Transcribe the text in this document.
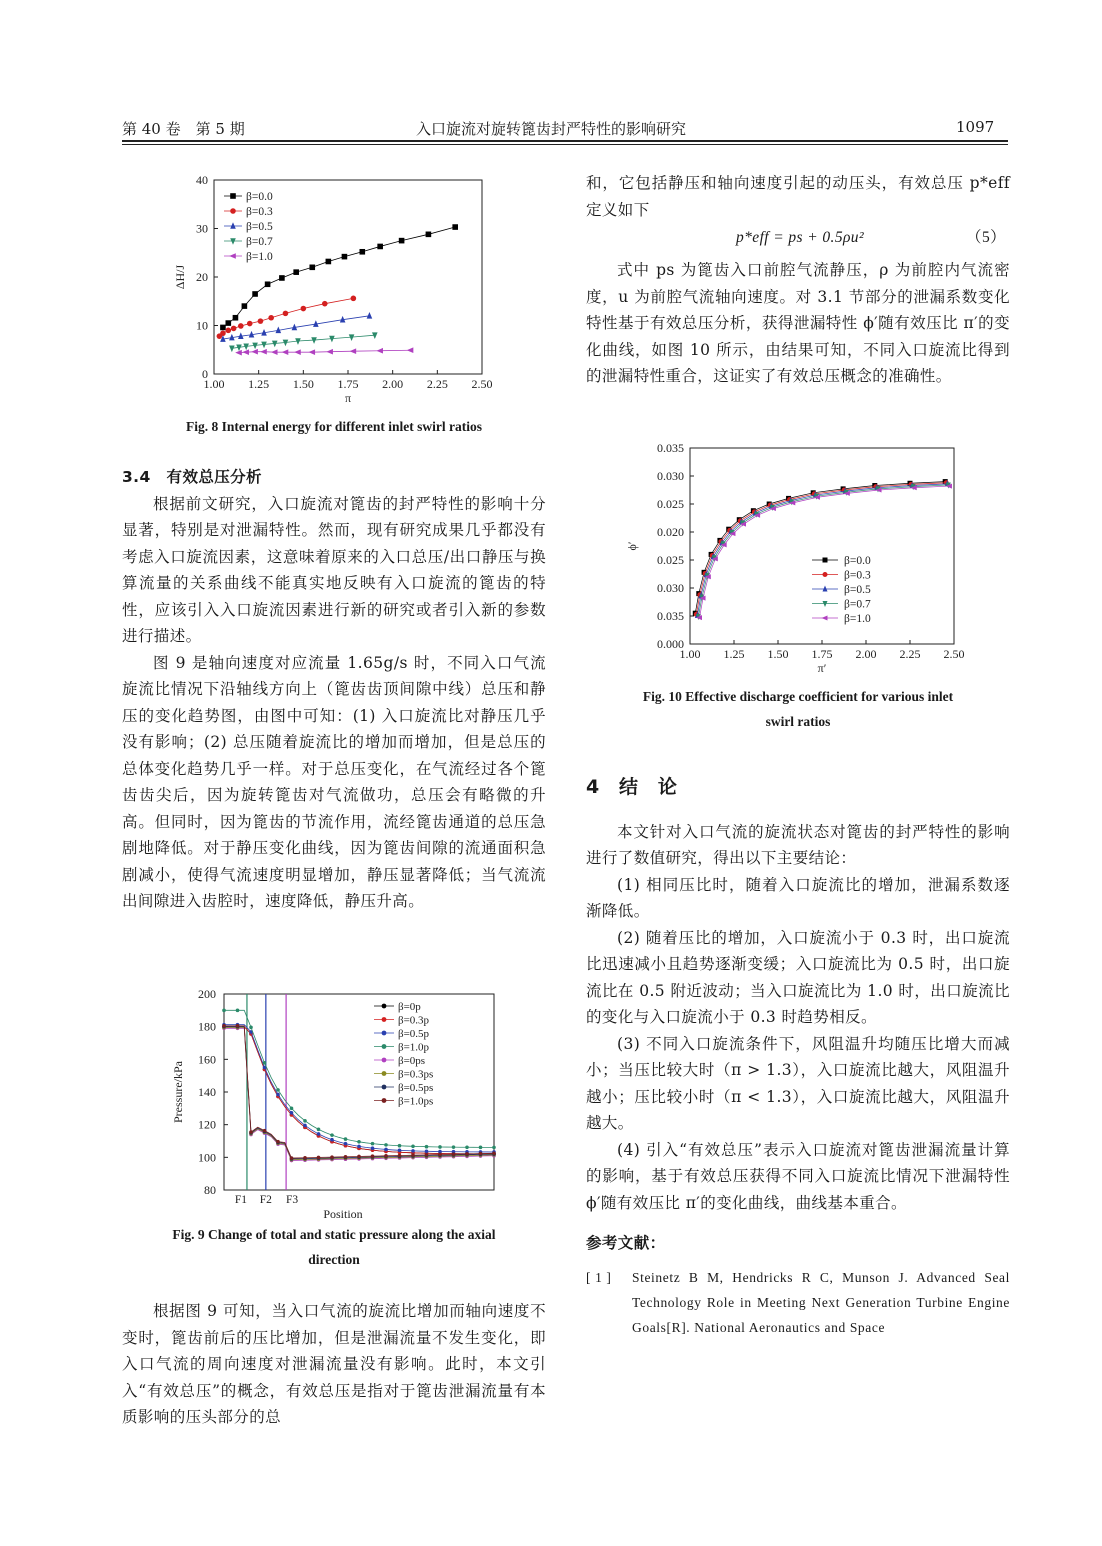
第 40 卷　第 5 期	入口旋流对旋转篦齿封严特性的影响研究	1097
1.00 1.25 1.50 1.75 2.00 2.25 2.50
0
10
20
30
40
π
ΔH/J
β=0.0
β=0.3
β=0.5
β=0.7
β=1.0
Fig. 8 Internal energy for different inlet swirl ratios

3.4　有效总压分析

根据前文研究，入口旋流对篦齿的封严特性的影响十分显著，特别是对泄漏特性。然而，现有研究成果几乎都没有考虑入口旋流因素，这意味着原来的入口总压/出口静压与换算流量的关系曲线不能真实地反映有入口旋流的篦齿的特性，应该引入入口旋流因素进行新的研究或者引入新的参数进行描述。

图 9 是轴向速度对应流量 1.65g/s 时，不同入口气流旋流比情况下沿轴线方向上（篦齿齿顶间隙中线）总压和静压的变化趋势图，由图中可知：(1) 入口旋流比对静压几乎没有影响；(2) 总压随着旋流比的增加而增加，但是总压的总体变化趋势几乎一样。对于总压变化，在气流经过各个篦齿齿尖后，因为旋转篦齿对气流做功，总压会有略微的升高。但同时，因为篦齿的节流作用，流经篦齿通道的总压急剧地降低。对于静压变化曲线，因为篦齿间隙的流通面积急剧减小，使得气流速度明显增加，静压显著降低；当气流流出间隙进入齿腔时，速度降低，静压升高。

80
100
120
140
160
180
200
F1 F2 F3
Position
Pressure/kPa
β=0p
β=0.3p
β=0.5p
β=1.0p
β=0ps
β=0.3ps
β=0.5ps
β=1.0ps
Fig. 9 Change of total and static pressure along the axial
direction

根据图 9 可知，当入口气流的旋流比增加而轴向速度不变时，篦齿前后的压比增加，但是泄漏流量不发生变化，即入口气流的周向速度对泄漏流量没有影响。此时，本文引入“有效总压”的概念，有效总压是指对于篦齿泄漏流量有本质影响的压头部分的总

和，它包括静压和轴向速度引起的动压头，有效总压 p*eff 定义如下

p*eff = ps + 0.5ρu²	（5）

式中 ps 为篦齿入口前腔气流静压，ρ 为前腔内气流密度，u 为前腔气流轴向速度。对 3.1 节部分的泄漏系数变化特性基于有效总压分析，获得泄漏特性 ϕ′随有效压比 π′的变化曲线，如图 10 所示，由结果可知，不同入口旋流比得到的泄漏特性重合，这证实了有效总压概念的准确性。

1.00 1.25 1.50 1.75 2.00 2.25 2.50
0.000
0.035
0.030
0.025
0.020
0.025
0.030
0.035
π′
ϕ′
β=0.0
β=0.3
β=0.5
β=0.7
β=1.0
Fig. 10 Effective discharge coefficient for various inlet
swirl ratios

4　结　论

本文针对入口气流的旋流状态对篦齿的封严特性的影响进行了数值研究，得出以下主要结论：

(1) 相同压比时，随着入口旋流比的增加，泄漏系数逐渐降低。

(2) 随着压比的增加，入口旋流小于 0.3 时，出口旋流比迅速减小且趋势逐渐变缓；入口旋流比为 0.5 时，出口旋流比在 0.5 附近波动；当入口旋流比为 1.0 时，出口旋流比的变化与入口旋流小于 0.3 时趋势相反。

(3) 不同入口旋流条件下，风阻温升均随压比增大而减小；当压比较大时（π > 1.3），入口旋流比越大，风阻温升越小；压比较小时（π < 1.3），入口旋流比越大，风阻温升越大。

(4) 引入“有效总压”表示入口旋流对篦齿泄漏流量计算的影响，基于有效总压获得不同入口旋流比情况下泄漏特性 ϕ′随有效压比 π′的变化曲线，曲线基本重合。

参考文献：

[ 1 ]	Steinetz B M, Hendricks R C, Munson J. Advanced Seal Technology Role in Meeting Next Generation Turbine Engine Goals[R]. National Aeronautics and Space
